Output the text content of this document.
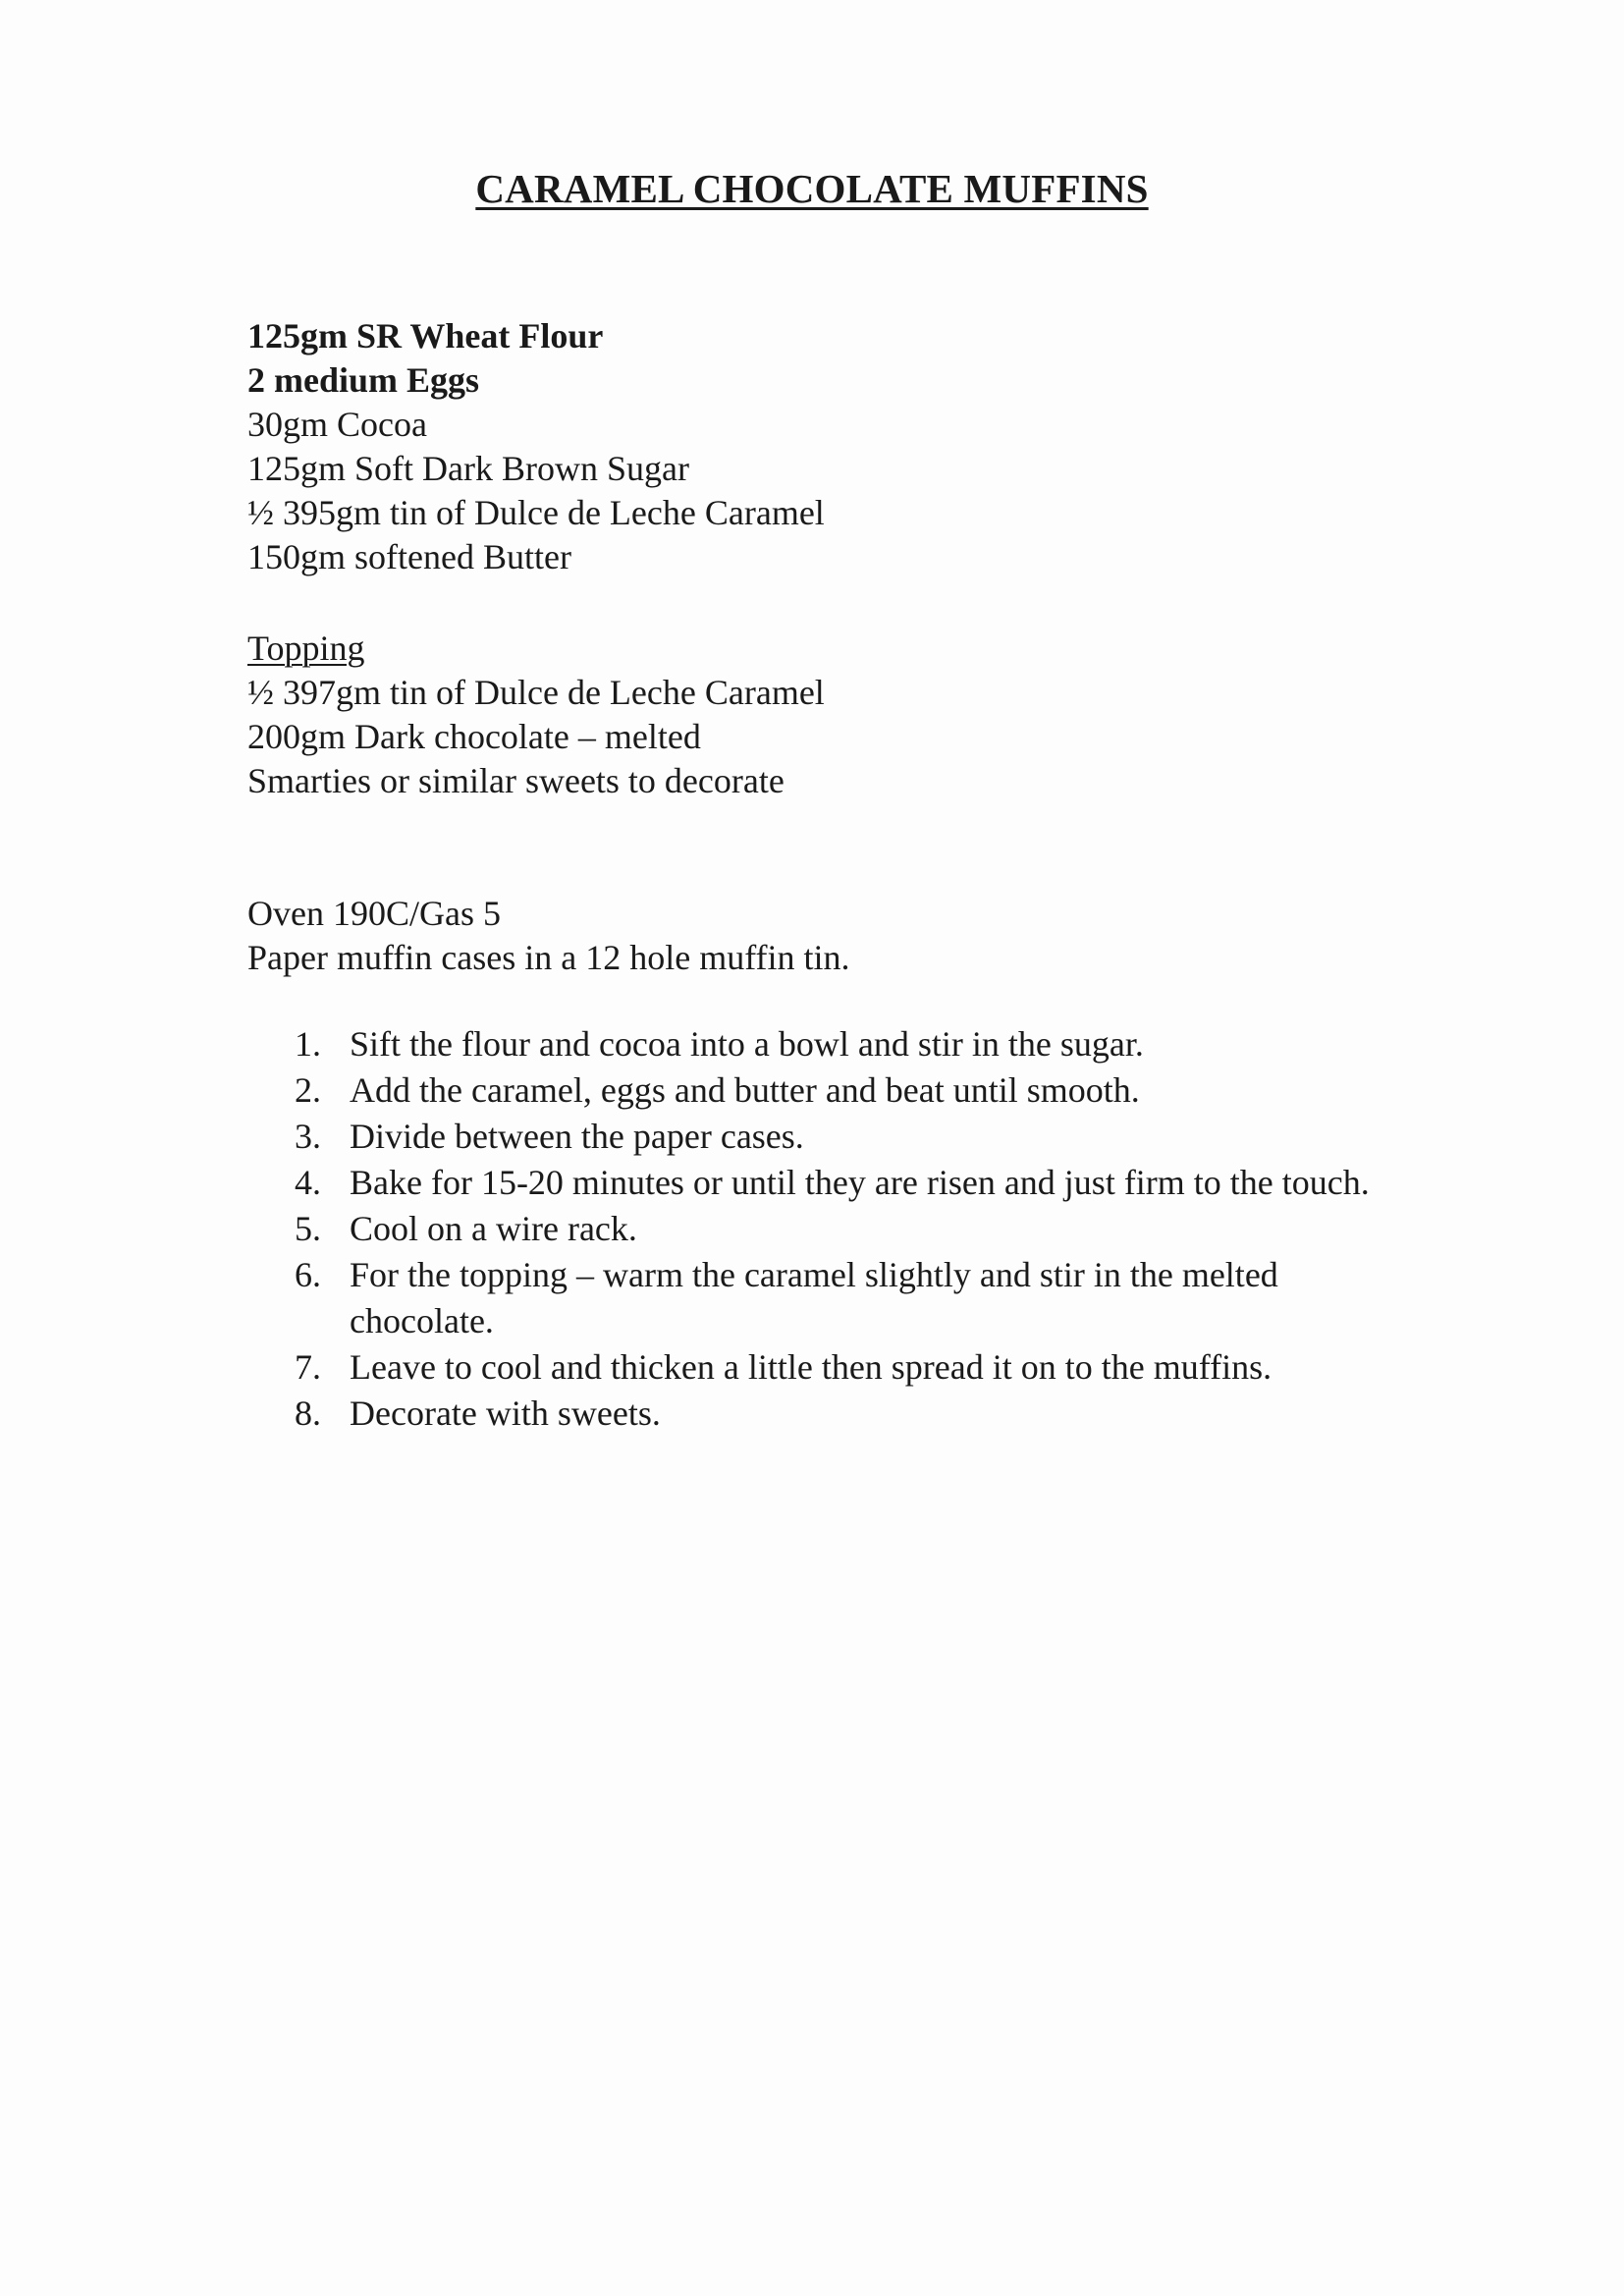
CARAMEL CHOCOLATE MUFFINS
125gm SR Wheat Flour
2 medium Eggs
30gm Cocoa
125gm Soft Dark Brown Sugar
½ 395gm tin of Dulce de Leche Caramel
150gm softened Butter
Topping
½ 397gm tin of Dulce de Leche Caramel
200gm Dark chocolate – melted
Smarties or similar sweets to decorate
Oven 190C/Gas 5
Paper muffin cases in a 12 hole muffin tin.
1. Sift the flour and cocoa into a bowl and stir in the sugar.
2. Add the caramel, eggs and butter and beat until smooth.
3. Divide between the paper cases.
4. Bake for 15-20 minutes or until they are risen and just firm to the touch.
5. Cool on a wire rack.
6. For the topping – warm the caramel slightly and stir in the melted chocolate.
7. Leave to cool and thicken a little then spread it on to the muffins.
8. Decorate with sweets.
